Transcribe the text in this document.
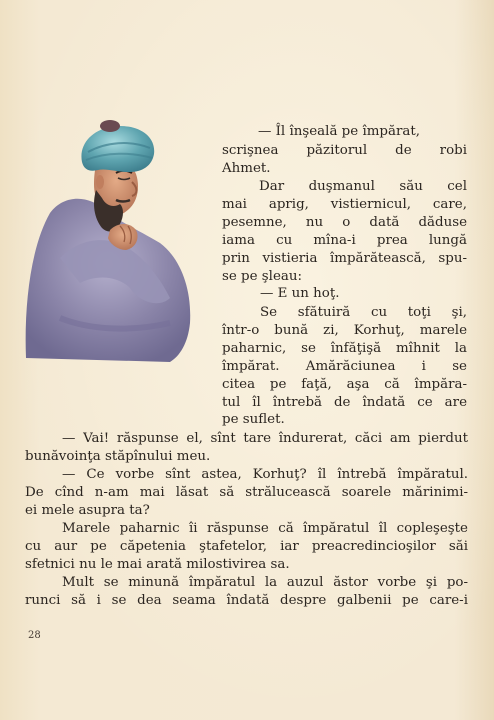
— Îl înşeală pe împărat,
scrişnea păzitorul de robi
Ahmet.
Dar duşmanul său cel
mai aprig, vistiernicul, care,
pesemne, nu o dată dăduse
iama cu mîna-i prea lungă
prin vistieria împărătească, spu-
se pe şleau:
— E un hoţ.
Se sfătuiră cu toţi şi,
într-o bună zi, Korhuţ, marele
paharnic, se înfăţişă mîhnit la
împărat. Amărăciunea i se
citea pe faţă, aşa că împăra-
tul îl întrebă de îndată ce are
pe suflet.
— Vai! răspunse el, sînt tare îndurerat, căci am pierdut
bunăvoinţa stăpînului meu.
— Ce vorbe sînt astea, Korhuţ? îl întrebă împăratul.
De cînd n-am mai lăsat să strălucească soarele mărinimi-
ei mele asupra ta?
Marele paharnic îi răspunse că împăratul îl copleşeşte
cu aur pe căpetenia ştafetelor, iar preacredincioşilor săi
sfetnici nu le mai arată milostivirea sa.
Mult se minună împăratul la auzul ăstor vorbe şi po-
runci să i se dea seama îndată despre galbenii pe care-i
28
